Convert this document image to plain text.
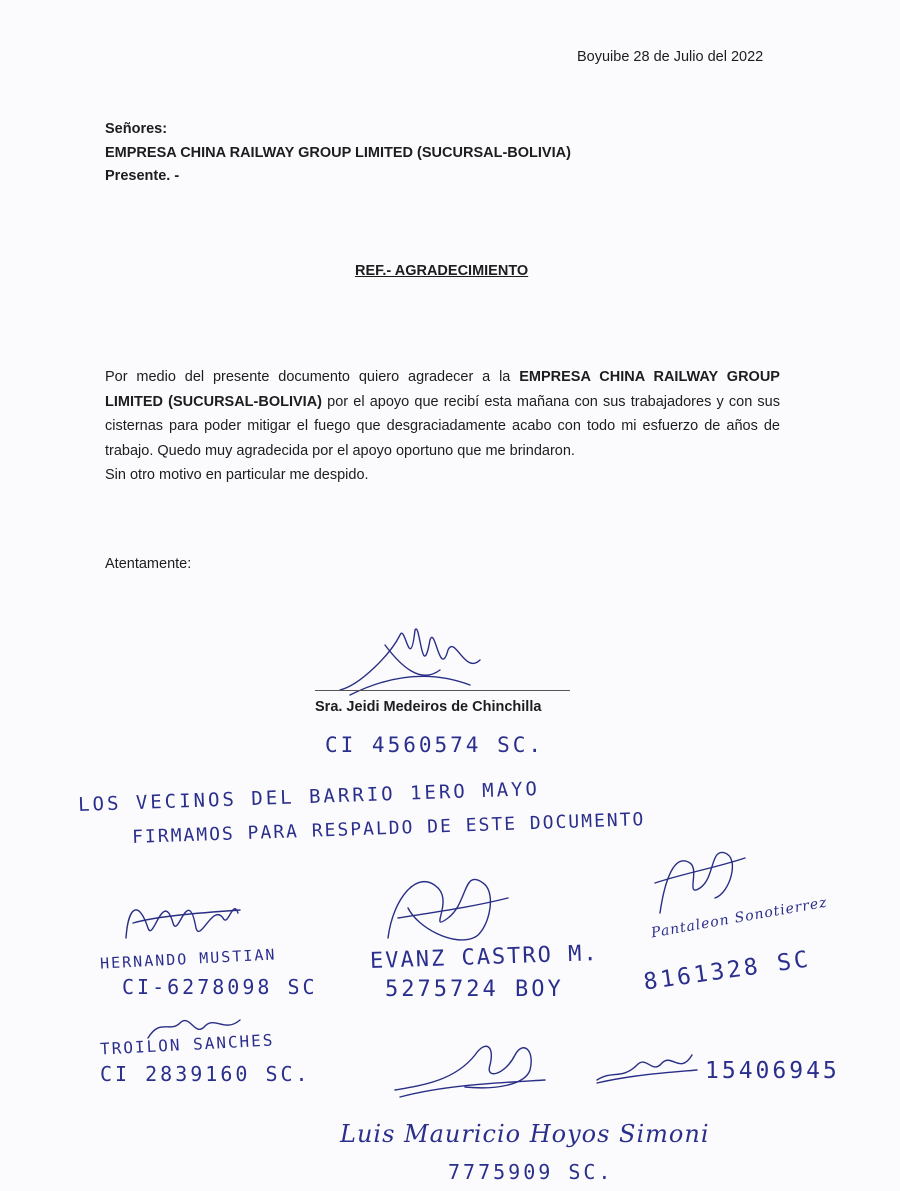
Boyuibe 28 de Julio del 2022
Señores:
EMPRESA CHINA RAILWAY GROUP LIMITED (SUCURSAL-BOLIVIA)
Presente. -
REF.- AGRADECIMIENTO

Por medio del presente documento quiero agradecer a la EMPRESA CHINA RAILWAY GROUP LIMITED (SUCURSAL-BOLIVIA) por el apoyo que recibí esta mañana con sus trabajadores y con sus cisternas para poder mitigar el fuego que desgraciadamente acabo con todo mi esfuerzo de años de trabajo. Quedo muy agradecida por el apoyo oportuno que me brindaron.

Sin otro motivo en particular me despido.

Atentamente:
Sra. Jeidi Medeiros de Chinchilla
CI 4560574 SC.
LOS VECINOS DEL BARRIO 1ERO MAYO
FIRMAMOS PARA RESPALDO DE ESTE DOCUMENTO
HERNANDO MUSTIAN
CI-6278098 SC
EVANZ CASTRO M.
5275724 BOY
Pantaleon Sonotierrez
8161328 SC
TROILON SANCHES
CI 2839160 SC.	15406945
Luis Mauricio Hoyos Simoni
7775909 SC.
